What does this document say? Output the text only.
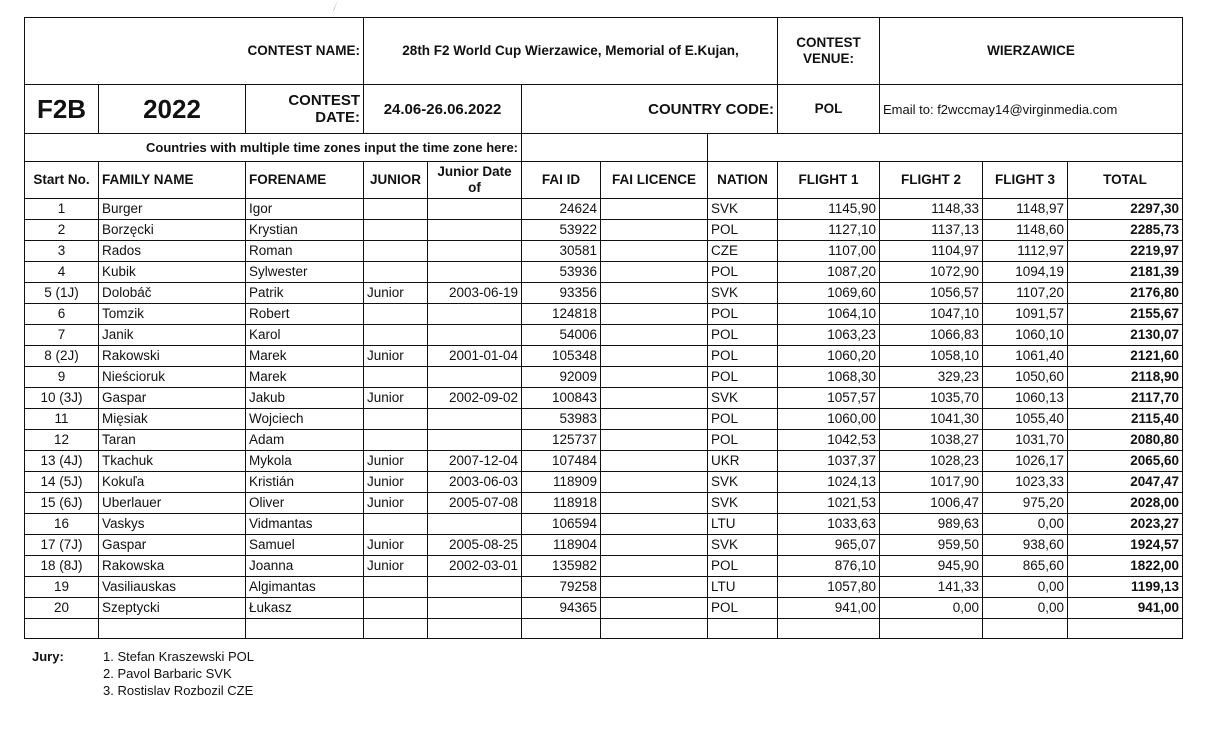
CONTEST NAME:			28th F2 World Cup Wierzawice, Memorial of E.Kujan,					CONTEST VENUE:	WIERZAWICE		
F2B	2022	CONTEST DATE:	24.06-26.06.2022		COUNTRY CODE:			POL	Email to: f2wccmay14@virginmedia.com		
Countries with multiple time zones input the time zone here:											
Start No.	FAMILY NAME	FORENAME	JUNIOR	Junior Date of	FAI ID	FAI LICENCE	NATION	FLIGHT 1	FLIGHT 2	FLIGHT 3	TOTAL
1	Burger	Igor			24624		SVK	1145,90	1148,33	1148,97	2297,30
2	Borzęcki	Krystian			53922		POL	1127,10	1137,13	1148,60	2285,73
3	Rados	Roman			30581		CZE	1107,00	1104,97	1112,97	2219,97
4	Kubik	Sylwester			53936		POL	1087,20	1072,90	1094,19	2181,39
5 (1J)	Dolobáč	Patrik	Junior	2003-06-19	93356		SVK	1069,60	1056,57	1107,20	2176,80
6	Tomzik	Robert			124818		POL	1064,10	1047,10	1091,57	2155,67
7	Janik	Karol			54006		POL	1063,23	1066,83	1060,10	2130,07
8 (2J)	Rakowski	Marek	Junior	2001-01-04	105348		POL	1060,20	1058,10	1061,40	2121,60
9	Nieścioruk	Marek			92009		POL	1068,30	329,23	1050,60	2118,90
10 (3J)	Gaspar	Jakub	Junior	2002-09-02	100843		SVK	1057,57	1035,70	1060,13	2117,70
11	Mięsiak	Wojciech			53983		POL	1060,00	1041,30	1055,40	2115,40
12	Taran	Adam			125737		POL	1042,53	1038,27	1031,70	2080,80
13 (4J)	Tkachuk	Mykola	Junior	2007-12-04	107484		UKR	1037,37	1028,23	1026,17	2065,60
14 (5J)	Kokuľa	Kristián	Junior	2003-06-03	118909		SVK	1024,13	1017,90	1023,33	2047,47
15 (6J)	Uberlauer	Oliver	Junior	2005-07-08	118918		SVK	1021,53	1006,47	975,20	2028,00
16	Vaskys	Vidmantas			106594		LTU	1033,63	989,63	0,00	2023,27
17 (7J)	Gaspar	Samuel	Junior	2005-08-25	118904		SVK	965,07	959,50	938,60	1924,57
18 (8J)	Rakowska	Joanna	Junior	2002-03-01	135982		POL	876,10	945,90	865,60	1822,00
19	Vasiliauskas	Algimantas			79258		LTU	1057,80	141,33	0,00	1199,13
20	Szeptycki	Łukasz			94365		POL	941,00	0,00	0,00	941,00

Jury:	1. Stefan Kraszewski POL
2. Pavol Barbaric SVK
3. Rostislav Rozbozil CZE
